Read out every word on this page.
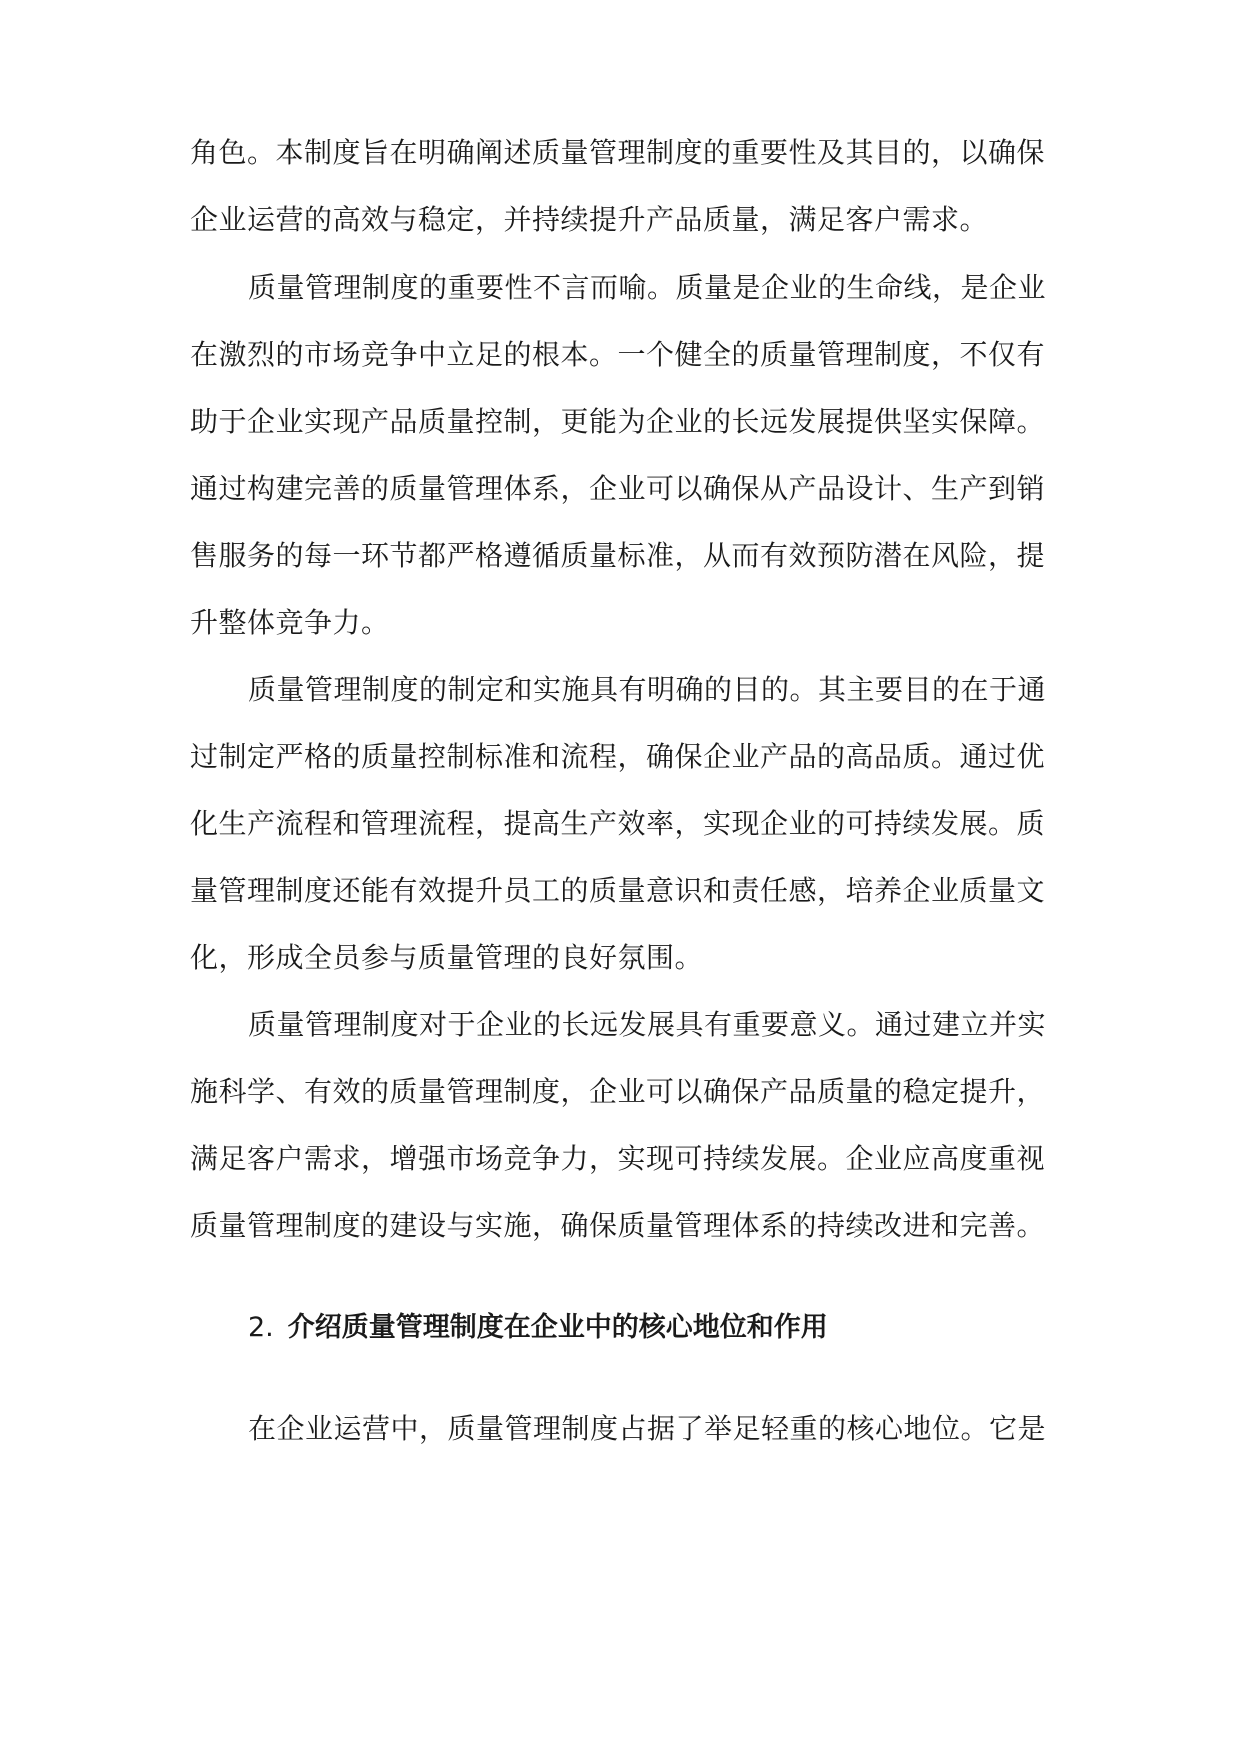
角色。本制度旨在明确阐述质量管理制度的重要性及其目的，以确保
企业运营的高效与稳定，并持续提升产品质量，满足客户需求。
质量管理制度的重要性不言而喻。质量是企业的生命线，是企业
在激烈的市场竞争中立足的根本。一个健全的质量管理制度，不仅有
助于企业实现产品质量控制，更能为企业的长远发展提供坚实保障。
通过构建完善的质量管理体系，企业可以确保从产品设计、生产到销
售服务的每一环节都严格遵循质量标准，从而有效预防潜在风险，提
升整体竞争力。
质量管理制度的制定和实施具有明确的目的。其主要目的在于通
过制定严格的质量控制标准和流程，确保企业产品的高品质。通过优
化生产流程和管理流程，提高生产效率，实现企业的可持续发展。质
量管理制度还能有效提升员工的质量意识和责任感，培养企业质量文
化，形成全员参与质量管理的良好氛围。
质量管理制度对于企业的长远发展具有重要意义。通过建立并实
施科学、有效的质量管理制度，企业可以确保产品质量的稳定提升，
满足客户需求，增强市场竞争力，实现可持续发展。企业应高度重视
质量管理制度的建设与实施，确保质量管理体系的持续改进和完善。
2. 介绍质量管理制度在企业中的核心地位和作用
在企业运营中，质量管理制度占据了举足轻重的核心地位。它是
